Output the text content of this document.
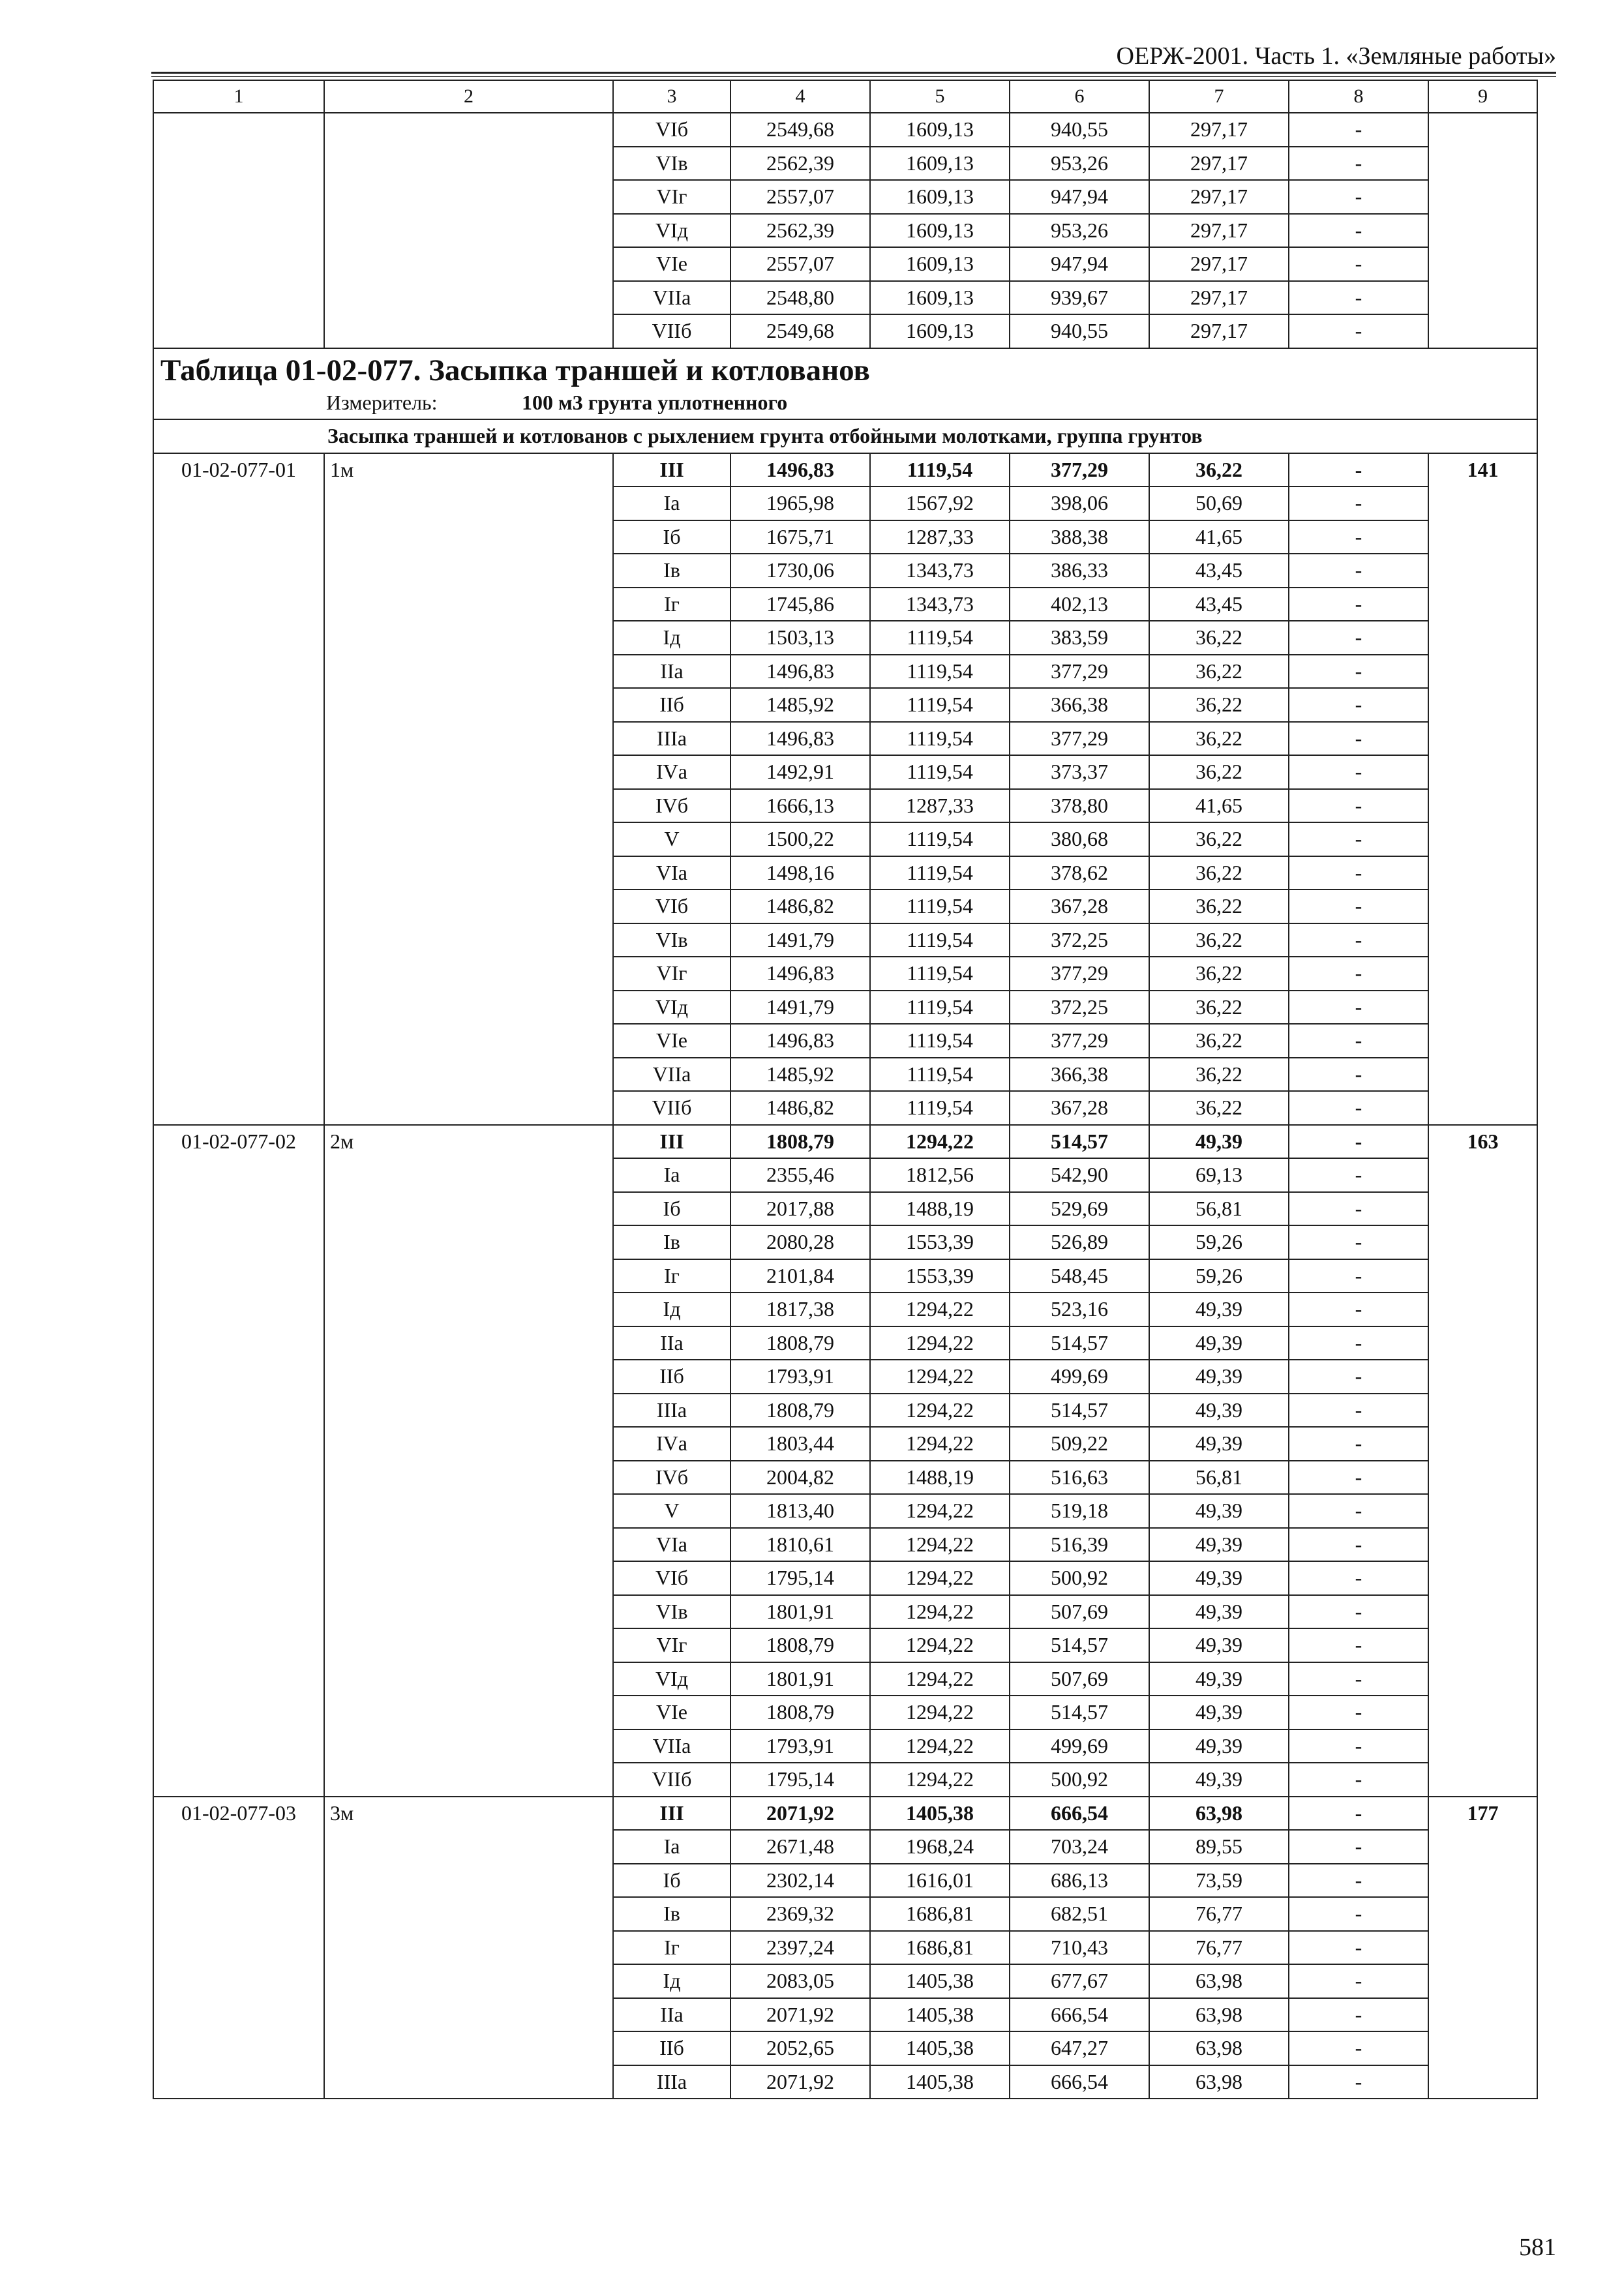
ОЕРЖ-2001. Часть 1. «Земляные работы»
1	2	3	4	5	6	7	8	9
		VIб	2549,68	1609,13	940,55	297,17	-	
		VIв	2562,39	1609,13	953,26	297,17	-	
		VIг	2557,07	1609,13	947,94	297,17	-	
		VIд	2562,39	1609,13	953,26	297,17	-	
		VIе	2557,07	1609,13	947,94	297,17	-	
		VIIа	2548,80	1609,13	939,67	297,17	-	
		VIIб	2549,68	1609,13	940,55	297,17	-	

Таблица 01-02-077. Засыпка траншей и котлованов
Измеритель: 100 м3 грунта уплотненного								

Засыпка траншей и котлованов с рыхлением грунта отбойными молотками, группа грунтов								
01-02-077-01	1м	III	1496,83	1119,54	377,29	36,22	-	141
		Iа	1965,98	1567,92	398,06	50,69	-	
		Iб	1675,71	1287,33	388,38	41,65	-	
		Iв	1730,06	1343,73	386,33	43,45	-	
		Iг	1745,86	1343,73	402,13	43,45	-	
		Iд	1503,13	1119,54	383,59	36,22	-	
		IIа	1496,83	1119,54	377,29	36,22	-	
		IIб	1485,92	1119,54	366,38	36,22	-	
		IIIа	1496,83	1119,54	377,29	36,22	-	
		IVа	1492,91	1119,54	373,37	36,22	-	
		IVб	1666,13	1287,33	378,80	41,65	-	
		V	1500,22	1119,54	380,68	36,22	-	
		VIа	1498,16	1119,54	378,62	36,22	-	
		VIб	1486,82	1119,54	367,28	36,22	-	
		VIв	1491,79	1119,54	372,25	36,22	-	
		VIг	1496,83	1119,54	377,29	36,22	-	
		VIд	1491,79	1119,54	372,25	36,22	-	
		VIе	1496,83	1119,54	377,29	36,22	-	
		VIIа	1485,92	1119,54	366,38	36,22	-	
		VIIб	1486,82	1119,54	367,28	36,22	-	
01-02-077-02	2м	III	1808,79	1294,22	514,57	49,39	-	163
		Iа	2355,46	1812,56	542,90	69,13	-	
		Iб	2017,88	1488,19	529,69	56,81	-	
		Iв	2080,28	1553,39	526,89	59,26	-	
		Iг	2101,84	1553,39	548,45	59,26	-	
		Iд	1817,38	1294,22	523,16	49,39	-	
		IIа	1808,79	1294,22	514,57	49,39	-	
		IIб	1793,91	1294,22	499,69	49,39	-	
		IIIа	1808,79	1294,22	514,57	49,39	-	
		IVа	1803,44	1294,22	509,22	49,39	-	
		IVб	2004,82	1488,19	516,63	56,81	-	
		V	1813,40	1294,22	519,18	49,39	-	
		VIа	1810,61	1294,22	516,39	49,39	-	
		VIб	1795,14	1294,22	500,92	49,39	-	
		VIв	1801,91	1294,22	507,69	49,39	-	
		VIг	1808,79	1294,22	514,57	49,39	-	
		VIд	1801,91	1294,22	507,69	49,39	-	
		VIе	1808,79	1294,22	514,57	49,39	-	
		VIIа	1793,91	1294,22	499,69	49,39	-	
		VIIб	1795,14	1294,22	500,92	49,39	-	
01-02-077-03	3м	III	2071,92	1405,38	666,54	63,98	-	177
		Iа	2671,48	1968,24	703,24	89,55	-	
		Iб	2302,14	1616,01	686,13	73,59	-	
		Iв	2369,32	1686,81	682,51	76,77	-	
		Iг	2397,24	1686,81	710,43	76,77	-	
		Iд	2083,05	1405,38	677,67	63,98	-	
		IIа	2071,92	1405,38	666,54	63,98	-	
		IIб	2052,65	1405,38	647,27	63,98	-	
		IIIа	2071,92	1405,38	666,54	63,98	-	
581
